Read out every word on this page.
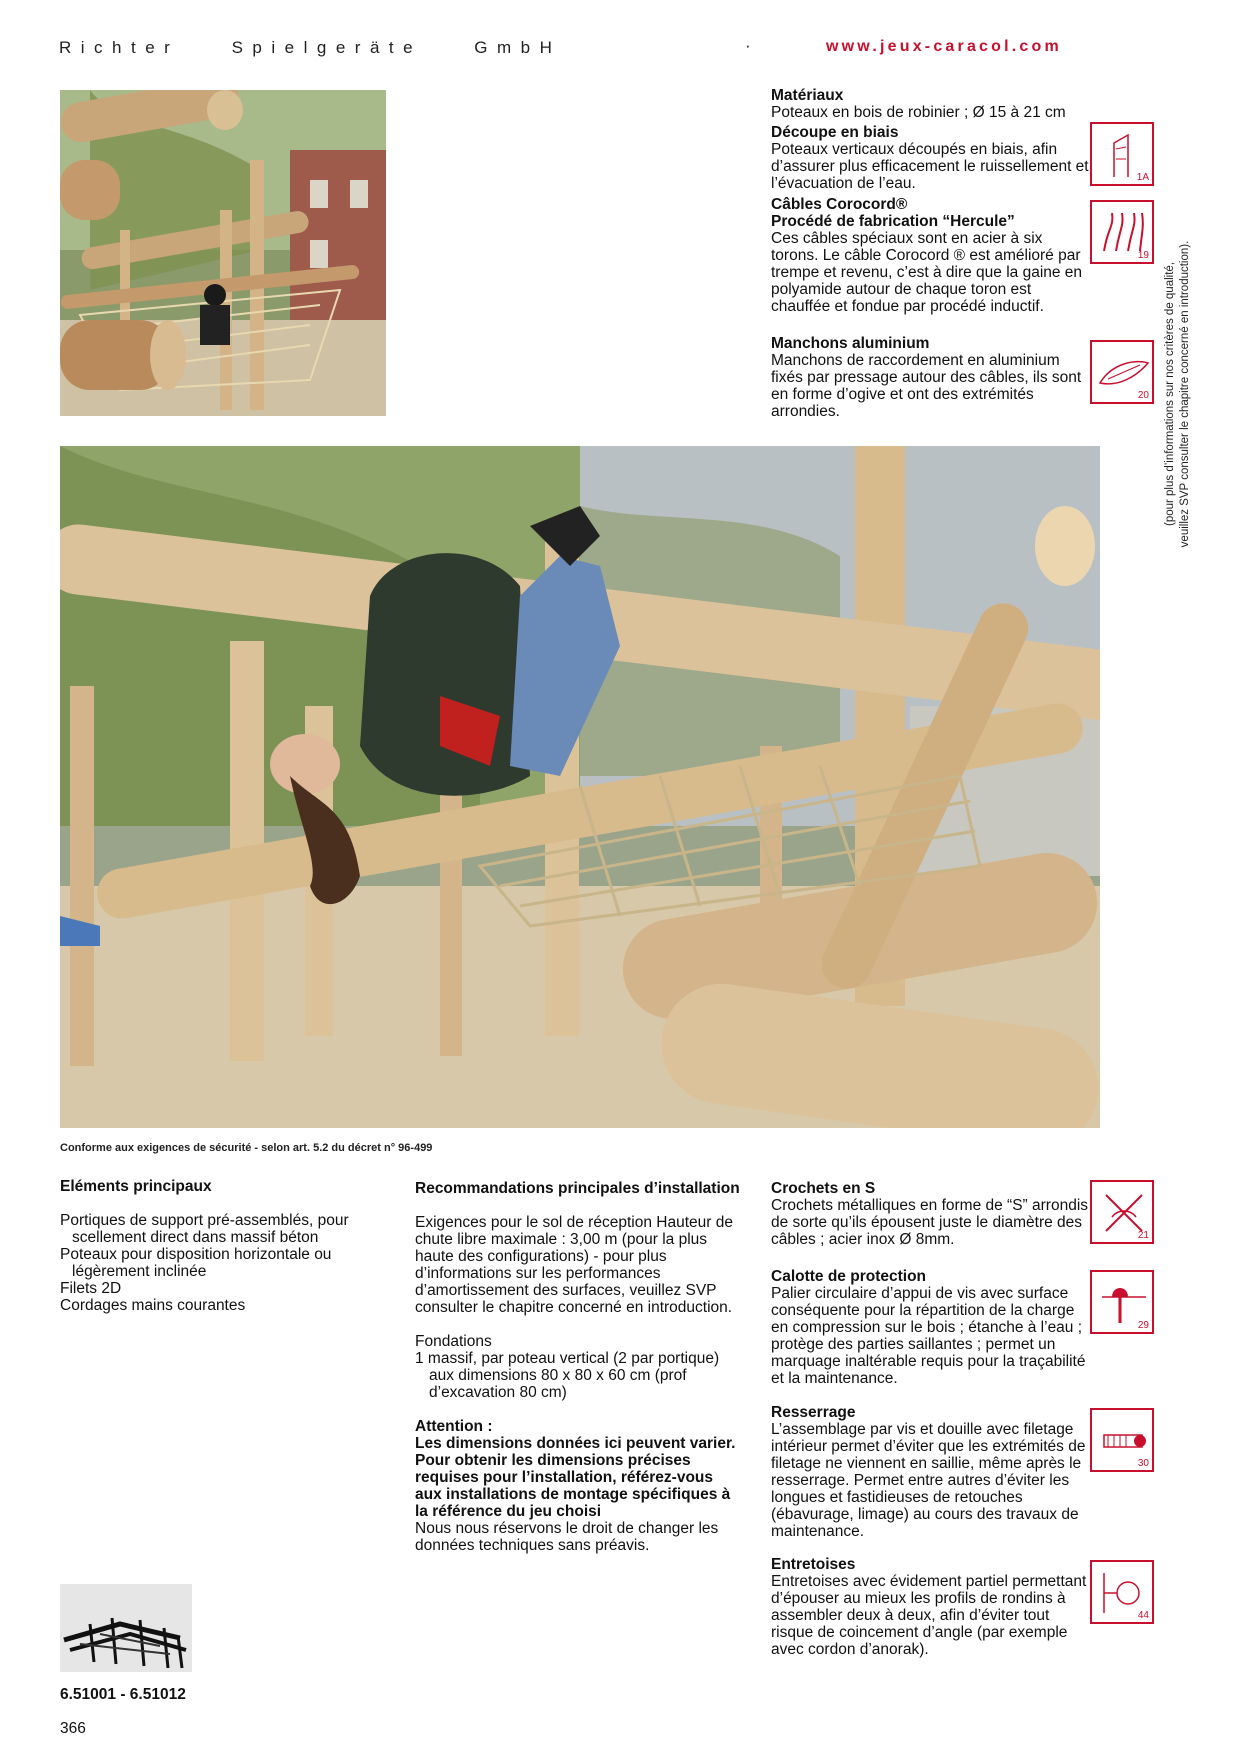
Richter Spielgeräte GmbH	·	www.jeux-caracol.com
Matériaux
Poteaux en bois de robinier ; Ø 15 à 21 cm
Découpe en biais
Poteaux verticaux découpés en biais, afin d’assurer plus efficacement le ruissellement et l’évacuation de l’eau.	1A
Câbles Corocord®
Procédé de fabrication “Hercule”
Ces câbles spéciaux sont en acier à six torons. Le câble Corocord ® est amélioré par trempe et revenu, c’est à dire que la gaine en polyamide autour de chaque toron est chauffée et fondue par procédé inductif.
19
Manchons aluminium
Manchons de raccordement en aluminium fixés par pressage autour des câbles, ils sont en forme d’ogive et ont des extrémités arrondies.
20 (pour plus d’informations sur nos critères de qualité, veuillez SVP consulter le chapitre concerné en introduction).
Conforme aux exigences de sécurité - selon art. 5.2 du décret n° 96-499
Eléments principaux
Portiques de support pré-assemblés, pour scellement direct dans massif béton
Poteaux pour disposition horizontale ou légèrement inclinée
Filets 2D
Cordages mains courantes
Recommandations principales d’installation
Exigences pour le sol de réception Hauteur de chute libre maximale : 3,00 m (pour la plus haute des configurations) - pour plus d’informations sur les performances d’amortissement des surfaces, veuillez SVP consulter le chapitre concerné en introduction.
Fondations
1 massif, par poteau vertical (2 par portique) aux dimensions 80 x 80 x 60 cm (prof d’excavation 80 cm)
Attention :
Les dimensions données ici peuvent varier. Pour obtenir les dimensions précises requises pour l’installation, référez-vous aux installations de montage spécifiques à la référence du jeu choisi
Nous nous réservons le droit de changer les données techniques sans préavis.
Crochets en S
Crochets métalliques en forme de “S” arrondis de sorte qu’ils épousent juste le diamètre des câbles ; acier inox Ø 8mm.	21
Calotte de protection
Palier circulaire d’appui de vis avec surface conséquente pour la répartition de la charge en compression sur le bois ; étanche à l’eau ; protège des parties saillantes ; permet un marquage inaltérable requis pour la traçabilité et la maintenance.
29
Resserrage
L’assemblage par vis et douille avec filetage intérieur permet d’éviter que les extrémités de filetage ne viennent en saillie, même après le resserrage. Permet entre autres d’éviter les longues et fastidieuses de retouches (ébavurage, limage) au cours des travaux de maintenance.
30
Entretoises
Entretoises avec évidement partiel permettant d’épouser au mieux les profils de rondins à assembler deux à deux, afin d’éviter tout risque de coincement d’angle (par exemple avec cordon d’anorak).
44
6.51001 - 6.51012
366
